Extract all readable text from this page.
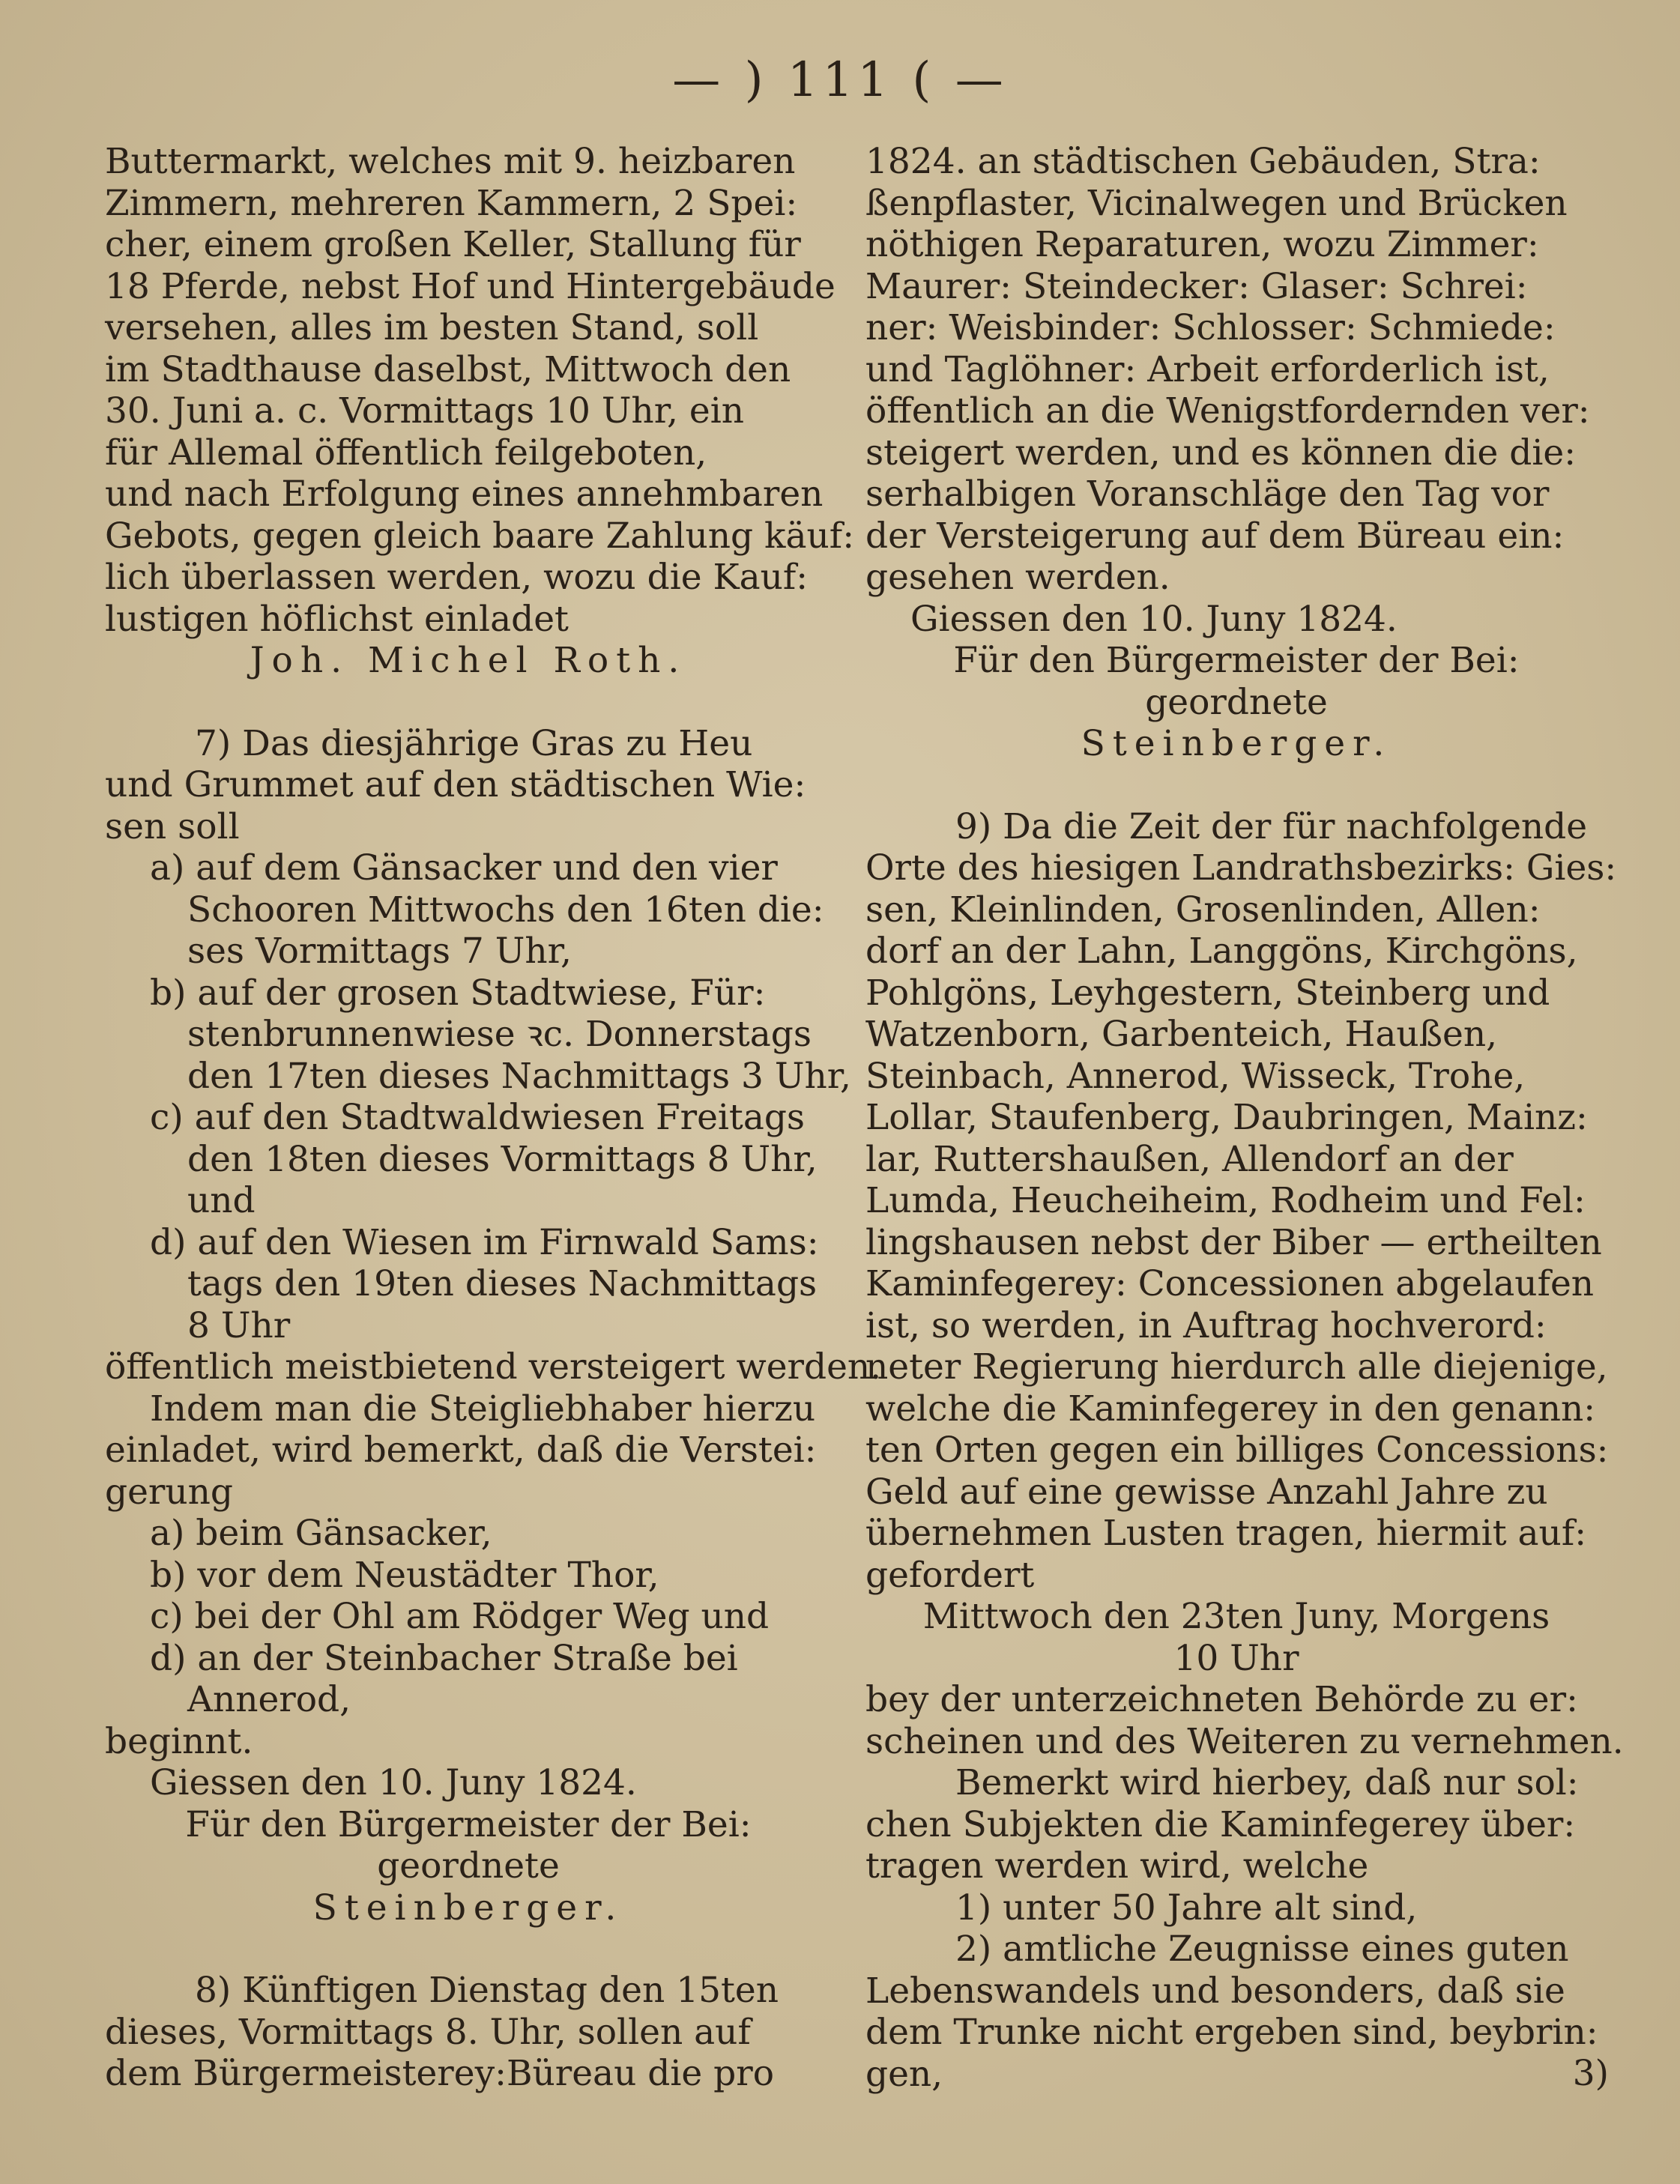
— ) 111 ( —

Buttermarkt, welches mit 9. heizbaren

Zimmern, mehreren Kammern, 2 Spei:

cher, einem großen Keller, Stallung für

18 Pferde, nebst Hof und Hintergebäude

versehen, alles im besten Stand, soll

im Stadthause daselbst, Mittwoch den

30. Juni a. c. Vormittags 10 Uhr, ein

für Allemal öffentlich feilgeboten,

und nach Erfolgung eines annehmbaren

Gebots, gegen gleich baare Zahlung käuf:

lich überlassen werden, wozu die Kauf:

lustigen höflichst einladet

Joh. Michel Roth.

7) Das diesjährige Gras zu Heu

und Grummet auf den städtischen Wie:

sen soll

a) auf dem Gänsacker und den vier

Schooren Mittwochs den 16ten die:

ses Vormittags 7 Uhr,

b) auf der grosen Stadtwiese, Für:

stenbrunnenwiese ꝛc. Donnerstags

den 17ten dieses Nachmittags 3 Uhr,

c) auf den Stadtwaldwiesen Freitags

den 18ten dieses Vormittags 8 Uhr,

und

d) auf den Wiesen im Firnwald Sams:

tags den 19ten dieses Nachmittags

8 Uhr

öffentlich meistbietend versteigert werden.

Indem man die Steigliebhaber hierzu

einladet, wird bemerkt, daß die Verstei:

gerung

a) beim Gänsacker,

b) vor dem Neustädter Thor,

c) bei der Ohl am Rödger Weg und

d) an der Steinbacher Straße bei

Annerod,

beginnt.

Giessen den 10. Juny 1824.

Für den Bürgermeister der Bei:

geordnete

Steinberger.

8) Künftigen Dienstag den 15ten

dieses, Vormittags 8. Uhr, sollen auf

dem Bürgermeisterey:Büreau die pro

1824. an städtischen Gebäuden, Stra:

ßenpflaster, Vicinalwegen und Brücken

nöthigen Reparaturen, wozu Zimmer:

Maurer: Steindecker: Glaser: Schrei:

ner: Weisbinder: Schlosser: Schmiede:

und Taglöhner: Arbeit erforderlich ist,

öffentlich an die Wenigstfordernden ver:

steigert werden, und es können die die:

serhalbigen Voranschläge den Tag vor

der Versteigerung auf dem Büreau ein:

gesehen werden.

Giessen den 10. Juny 1824.

Für den Bürgermeister der Bei:

geordnete

Steinberger.

9) Da die Zeit der für nachfolgende

Orte des hiesigen Landrathsbezirks: Gies:

sen, Kleinlinden, Grosenlinden, Allen:

dorf an der Lahn, Langgöns, Kirchgöns,

Pohlgöns, Leyhgestern, Steinberg und

Watzenborn, Garbenteich, Haußen,

Steinbach, Annerod, Wisseck, Trohe,

Lollar, Staufenberg, Daubringen, Mainz:

lar, Ruttershaußen, Allendorf an der

Lumda, Heucheiheim, Rodheim und Fel:

lingshausen nebst der Biber — ertheilten

Kaminfegerey: Concessionen abgelaufen

ist, so werden, in Auftrag hochverord:

neter Regierung hierdurch alle diejenige,

welche die Kaminfegerey in den genann:

ten Orten gegen ein billiges Concessions:

Geld auf eine gewisse Anzahl Jahre zu

übernehmen Lusten tragen, hiermit auf:

gefordert

Mittwoch den 23ten Juny, Morgens

10 Uhr

bey der unterzeichneten Behörde zu er:

scheinen und des Weiteren zu vernehmen.

Bemerkt wird hierbey, daß nur sol:

chen Subjekten die Kaminfegerey über:

tragen werden wird, welche

1) unter 50 Jahre alt sind,

2) amtliche Zeugnisse eines guten

Lebenswandels und besonders, daß sie

dem Trunke nicht ergeben sind, beybrin:

gen,	3)
